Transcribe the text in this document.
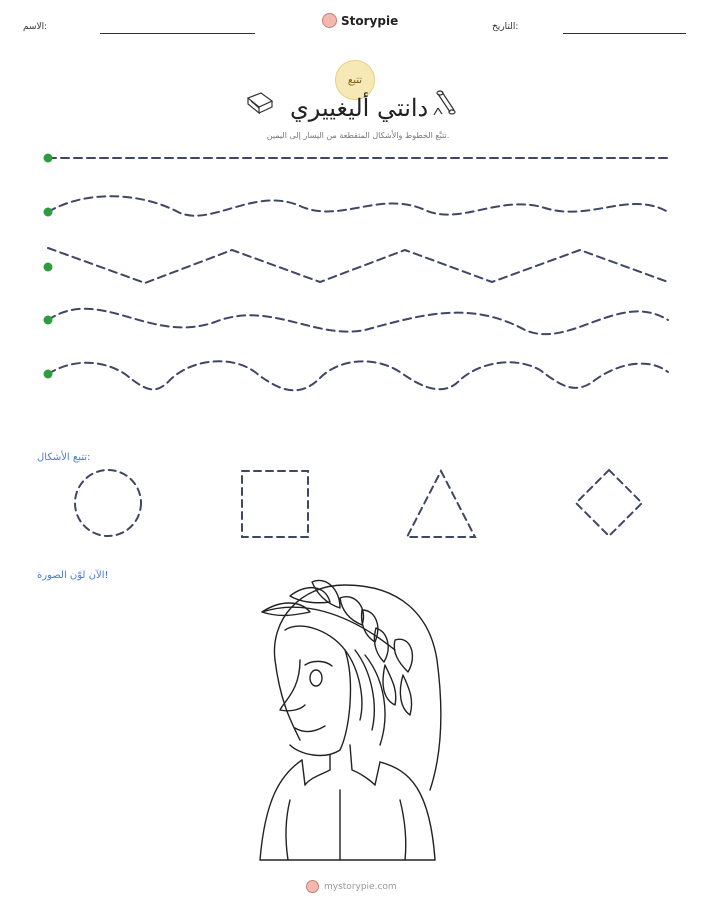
الاسم:	Storypie	التاريخ:
تتبع
دانتي أليغييري
تتبَّع الخطوط والأشكال المتقطعة من اليسار إلى اليمين.
تتبع الأشكال:
الآن لوّن الصورة!
mystorypie.com
